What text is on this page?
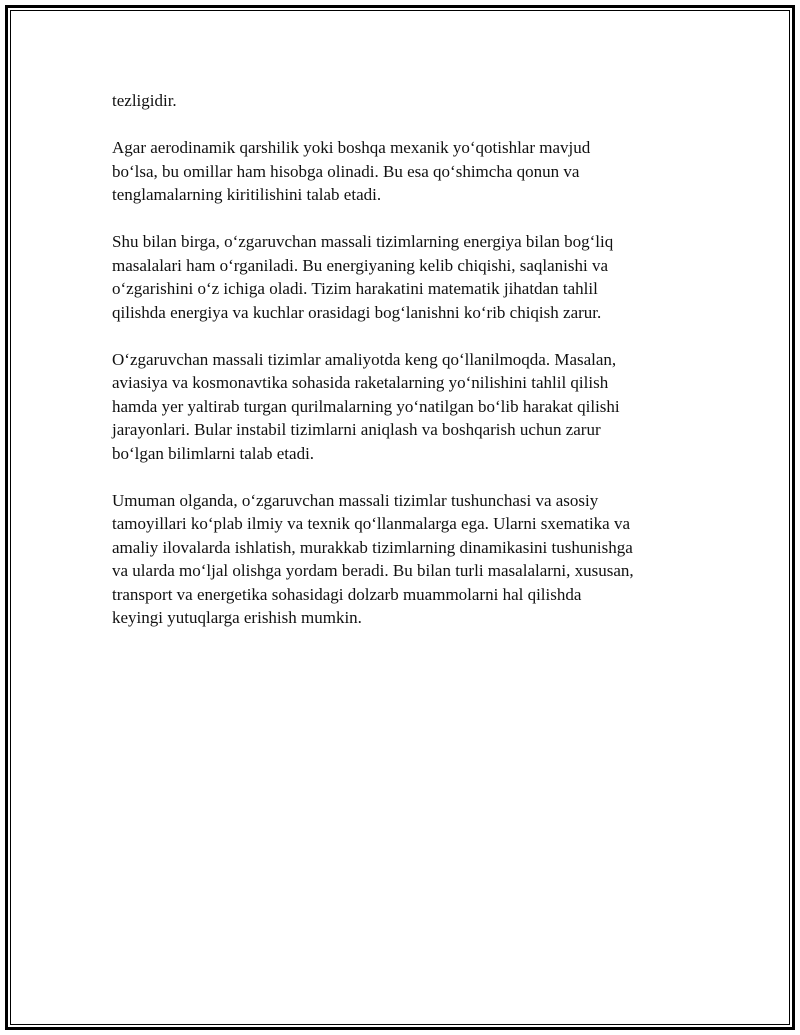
tezligidir.

Agar aerodinamik qarshilik yoki boshqa mexanik yo‘qotishlar mavjud
bo‘lsa, bu omillar ham hisobga olinadi. Bu esa qo‘shimcha qonun va
tenglamalarning kiritilishini talab etadi.

Shu bilan birga, o‘zgaruvchan massali tizimlarning energiya bilan bog‘liq
masalalari ham o‘rganiladi. Bu energiyaning kelib chiqishi, saqlanishi va
o‘zgarishini o‘z ichiga oladi. Tizim harakatini matematik jihatdan tahlil
qilishda energiya va kuchlar orasidagi bog‘lanishni ko‘rib chiqish zarur.

O‘zgaruvchan massali tizimlar amaliyotda keng qo‘llanilmoqda. Masalan,
aviasiya va kosmonavtika sohasida raketalarning yo‘nilishini tahlil qilish
hamda yer yaltirab turgan qurilmalarning yo‘natilgan bo‘lib harakat qilishi
jarayonlari. Bular instabil tizimlarni aniqlash va boshqarish uchun zarur
bo‘lgan bilimlarni talab etadi.

Umuman olganda, o‘zgaruvchan massali tizimlar tushunchasi va asosiy
tamoyillari ko‘plab ilmiy va texnik qo‘llanmalarga ega. Ularni sxematika va
amaliy ilovalarda ishlatish, murakkab tizimlarning dinamikasini tushunishga
va ularda mo‘ljal olishga yordam beradi. Bu bilan turli masalalarni, xususan,
transport va energetika sohasidagi dolzarb muammolarni hal qilishda
keyingi yutuqlarga erishish mumkin.
